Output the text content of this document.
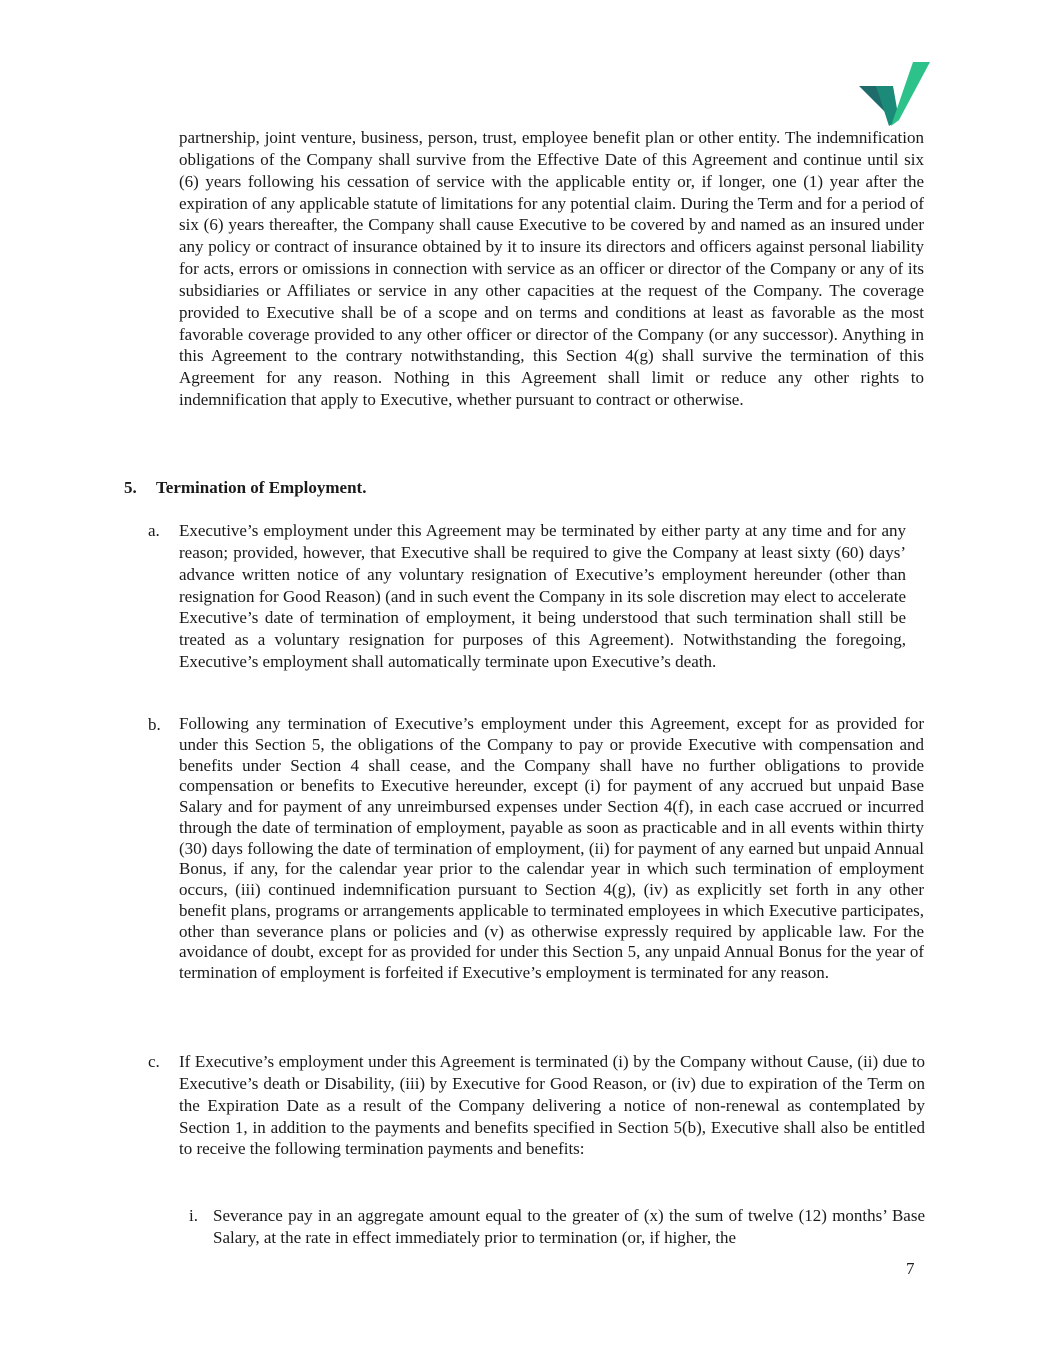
partnership, joint venture, business, person, trust, employee benefit plan or other entity. The indemnification obligations of the Company shall survive from the Effective Date of this Agreement and continue until six (6) years following his cessation of service with the applicable entity or, if longer, one (1) year after the expiration of any applicable statute of limitations for any potential claim. During the Term and for a period of six (6) years thereafter, the Company shall cause Executive to be covered by and named as an insured under any policy or contract of insurance obtained by it to insure its directors and officers against personal liability for acts, errors or omissions in connection with service as an officer or director of the Company or any of its subsidiaries or Affiliates or service in any other capacities at the request of the Company. The coverage provided to Executive shall be of a scope and on terms and conditions at least as favorable as the most favorable coverage provided to any other officer or director of the Company (or any successor). Anything in this Agreement to the contrary notwithstanding, this Section 4(g) shall survive the termination of this Agreement for any reason. Nothing in this Agreement shall limit or reduce any other rights to indemnification that apply to Executive, whether pursuant to contract or otherwise.

5. Termination of Employment.
a. Executive’s employment under this Agreement may be terminated by either party at any time and for any reason; provided, however, that Executive shall be required to give the Company at least sixty (60) days’ advance written notice of any voluntary resignation of Executive’s employment hereunder (other than resignation for Good Reason) (and in such event the Company in its sole discretion may elect to accelerate Executive’s date of termination of employment, it being understood that such termination shall still be treated as a voluntary resignation for purposes of this Agreement). Notwithstanding the foregoing, Executive’s employment shall automatically terminate upon Executive’s death.

b. Following any termination of Executive’s employment under this Agreement, except for as provided for under this Section 5, the obligations of the Company to pay or provide Executive with compensation and benefits under Section 4 shall cease, and the Company shall have no further obligations to provide compensation or benefits to Executive hereunder, except (i) for payment of any accrued but unpaid Base Salary and for payment of any unreimbursed expenses under Section 4(f), in each case accrued or incurred through the date of termination of employment, payable as soon as practicable and in all events within thirty (30) days following the date of termination of employment, (ii) for payment of any earned but unpaid Annual Bonus, if any, for the calendar year prior to the calendar year in which such termination of employment occurs, (iii) continued indemnification pursuant to Section 4(g), (iv) as explicitly set forth in any other benefit plans, programs or arrangements applicable to terminated employees in which Executive participates, other than severance plans or policies and (v) as otherwise expressly required by applicable law. For the avoidance of doubt, except for as provided for under this Section 5, any unpaid Annual Bonus for the year of termination of employment is forfeited if Executive’s employment is terminated for any reason.

c. If Executive’s employment under this Agreement is terminated (i) by the Company without Cause, (ii) due to Executive’s death or Disability, (iii) by Executive for Good Reason, or (iv) due to expiration of the Term on the Expiration Date as a result of the Company delivering a notice of non-renewal as contemplated by Section 1, in addition to the payments and benefits specified in Section 5(b), Executive shall also be entitled to receive the following termination payments and benefits:

i. Severance pay in an aggregate amount equal to the greater of (x) the sum of twelve (12) months’ Base Salary, at the rate in effect immediately prior to termination (or, if higher, the

7
